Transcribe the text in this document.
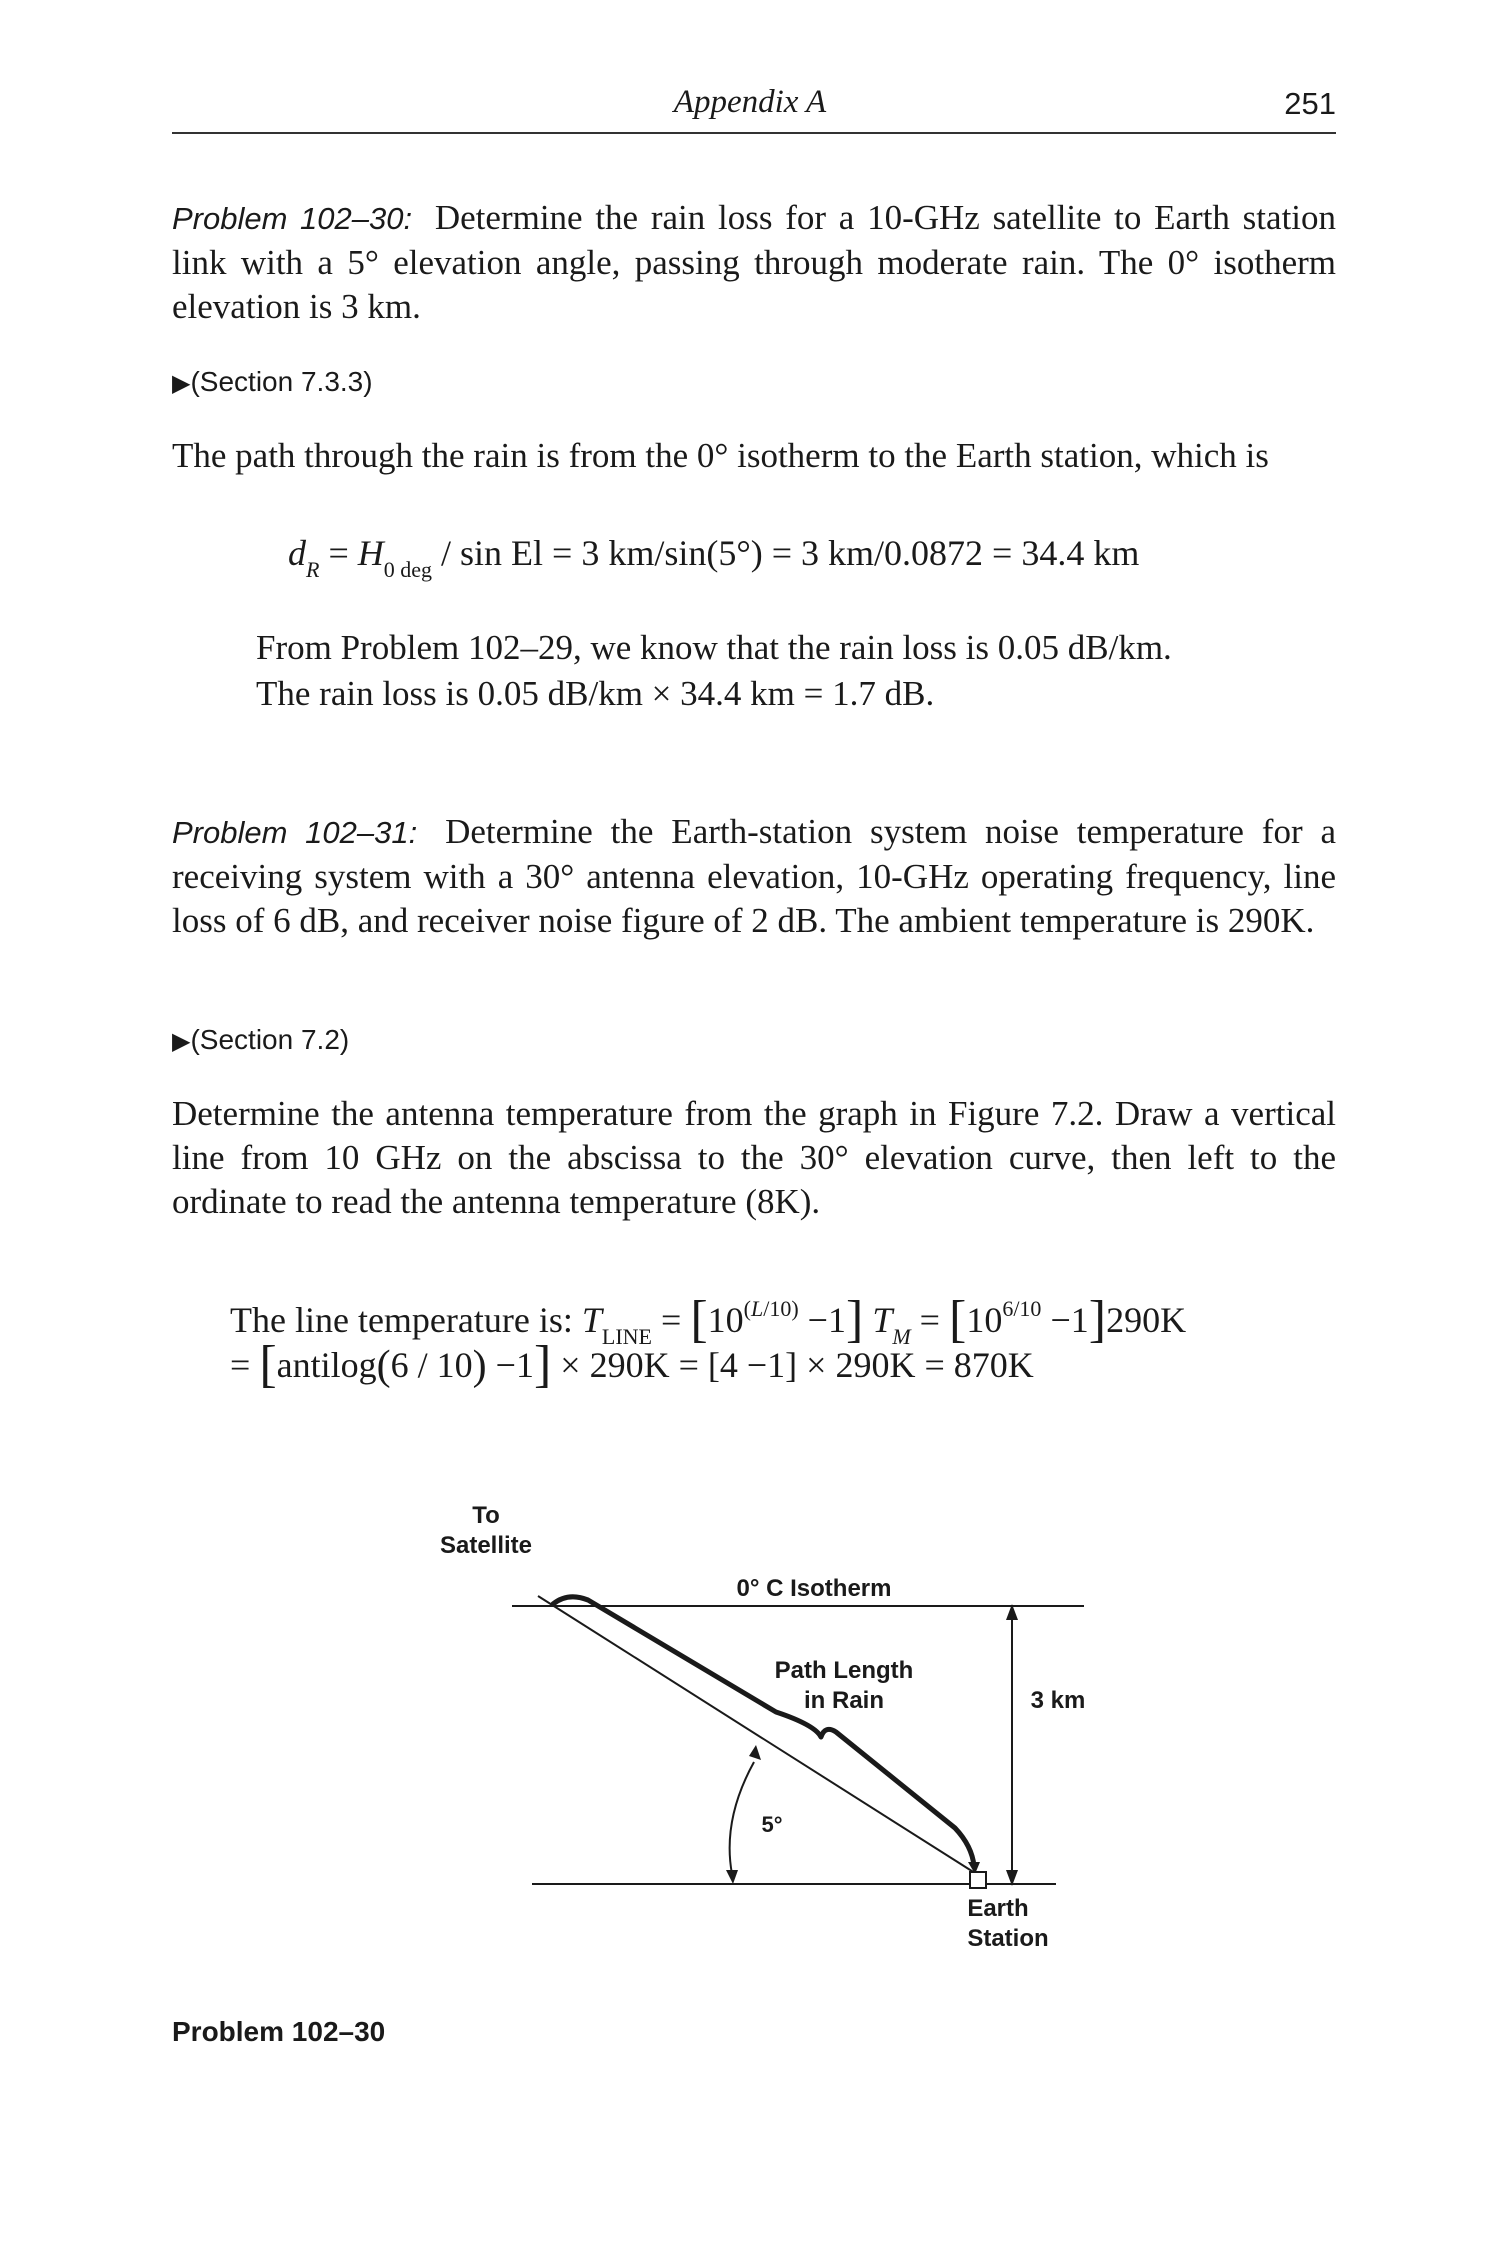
Appendix A	251

Problem 102–30: Determine the rain loss for a 10-GHz satellite to Earth station link with a 5° elevation angle, passing through moderate rain. The 0° isotherm elevation is 3 km.

▶(Section 7.3.3)

The path through the rain is from the 0° isotherm to the Earth station, which is

$d_R = H_{0 deg} / \sin El = 3$ km/sin(5°) = 3 km/0.0872 = 34.4 km
From Problem 102–29, we know that the rain loss is 0.05 dB/km.
The rain loss is 0.05 dB/km × 34.4 km = 1.7 dB.

Problem 102–31: Determine the Earth-station system noise temperature for a receiving system with a 30° antenna elevation, 10-GHz operating frequency, line loss of 6 dB, and receiver noise figure of 2 dB. The ambient temperature is 290K.

▶(Section 7.2)

Determine the antenna temperature from the graph in Figure 7.2. Draw a vertical line from 10 GHz on the abscissa to the 30° elevation curve, then left to the ordinate to read the antenna temperature (8K).

The line temperature is: $T_{LINE} = [10^{(L/10)} -1] T_M = [10^{6/10} -1]290K$
= [antilog(6 / 10) −1] × 290K = [4 −1] × 290K = 870K
To
Satellite
0° C Isotherm
Path Length
in Rain	3 km
5°
Earth
Station
Problem 102–30
